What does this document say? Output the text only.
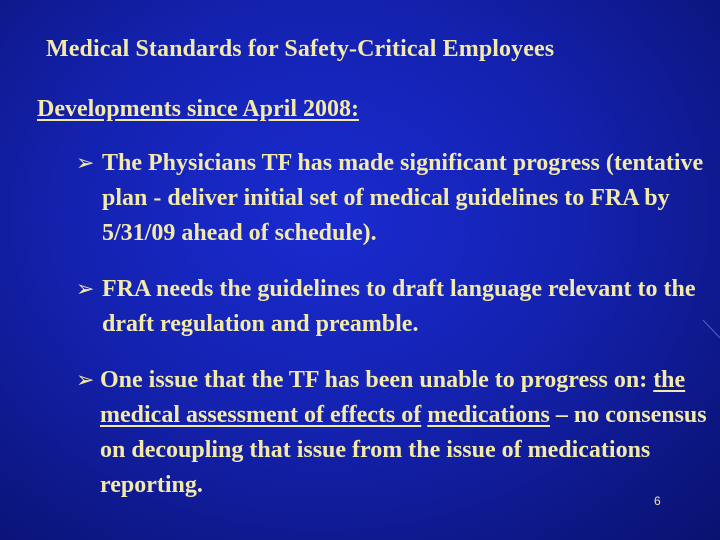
Medical Standards for Safety-Critical Employees
Developments since April 2008:
➢ The Physicians TF has made significant progress (tentative plan - deliver initial set of medical guidelines to FRA by 5/31/09 ahead of schedule).
➢ FRA needs the guidelines to draft language relevant to the draft regulation and preamble.
➢ One issue that the TF has been unable to progress on: the medical assessment of effects of medications – no consensus on decoupling that issue from the issue of medications reporting.
6
